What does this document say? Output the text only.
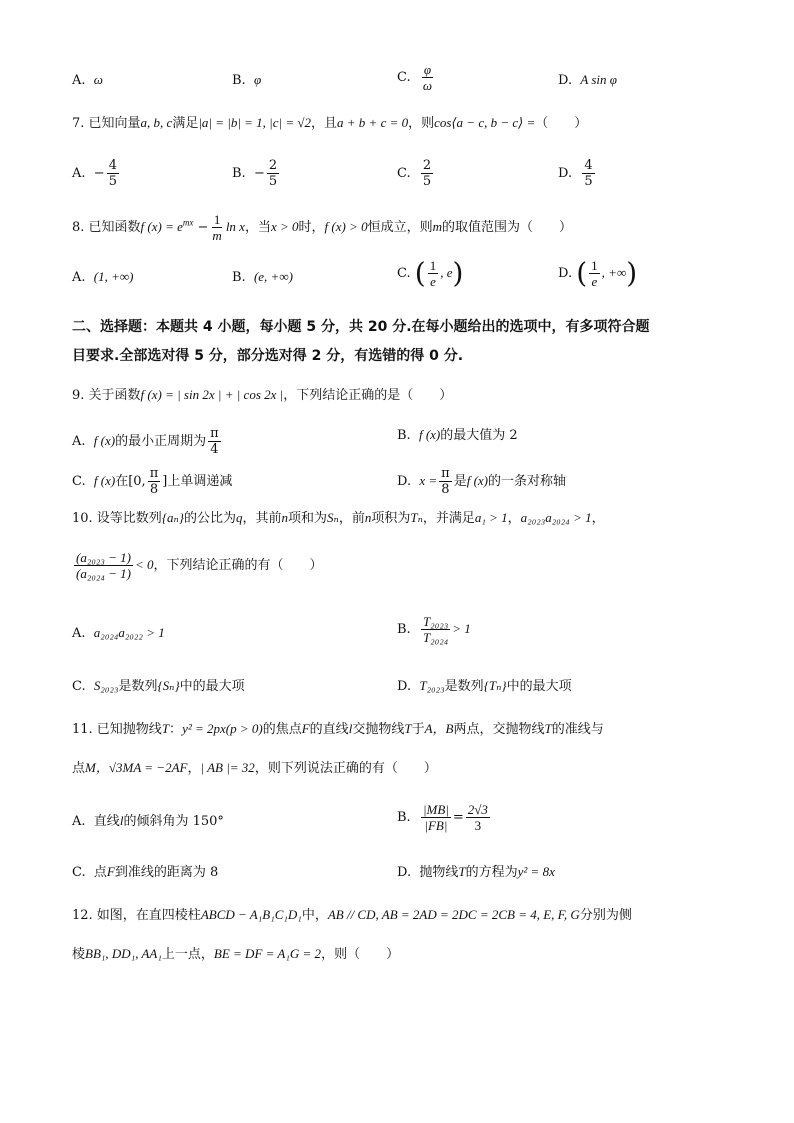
A. ω	B. φ	C. $\frac{\varphi}{\omega}$	D. A sin φ
7. 已知向量a, b, c满足|a| = |b| = 1, |c| = √2，且a + b + c = 0，则cos⟨a − c, b − c⟩ =（　　）
A. − $\frac{4}{5}$	B. − $\frac{2}{5}$	C. $\frac{2}{5}$	D. $\frac{4}{5}$
8. 已知函数f $(x) = e^{mx} - \frac{1}{m}$ ln x，当x > 0时，f (x) > 0恒成立，则m的取值范围为（　　）
A. (1, +∞)	B. (e, +∞)	C. ( $\frac{1}{e}$ , e)	D. ( $\frac{1}{e}$ , +∞)
二、选择题：本题共 4 小题，每小题 5 分，共 20 分.在每小题给出的选项中，有多项符合题
目要求.全部选对得 5 分，部分选对得 2 分，有选错的得 0 分.
9. 关于函数f (x) = | sin 2x | + | cos 2x |，下列结论正确的是（　　）
A. f (x)的最小正周期为 $\frac{\pi}{4}$	B. f (x)的最大值为 2
C. f (x)在[0, $\frac{\pi}{8}$ ]上单调递减	D. $x = \frac{\pi}{8}$ 是f (x)的一条对称轴
10. 设等比数列{aₙ}的公比为q，其前n项和为Sₙ，前n项积为Tₙ，并满足a₁ > 1，a₂₀₂₃a₂₀₂₄ > 1，
$\frac{\text{(a₂₀₂₃ − 1)}}{\text{(a₂₀₂₄ − 1)}} < 0$，下列结论正确的有（　　）
A. a₂₀₂₄a₂₀₂₂ > 1	B. $\frac{\text{T₂₀₂₃}}{\text{T₂₀₂₄}} > 1$
C. S₂₀₂₃是数列{Sₙ}中的最大项	D. T₂₀₂₃是数列{Tₙ}中的最大项
11. 已知抛物线T：y² = 2px(p > 0)的焦点F的直线l交抛物线T于A，B两点，交抛物线T的准线与
点M，√3MA = −2AF，| AB |= 32，则下列说法正确的有（　　）
A. 直线l的倾斜角为 150°	B. $\frac{|MB|}{|FB|} = \frac{2√3}{3}$
C. 点F到准线的距离为 8	D. 抛物线T的方程为y² = 8x
12. 如图，在直四棱柱ABCD − A₁B₁C₁D₁中，AB // CD, AB = 2AD = 2DC = 2CB = 4, E, F, G分别为侧
棱BB₁, DD₁, AA₁上一点，BE = DF = A₁G = 2，则（　　）
